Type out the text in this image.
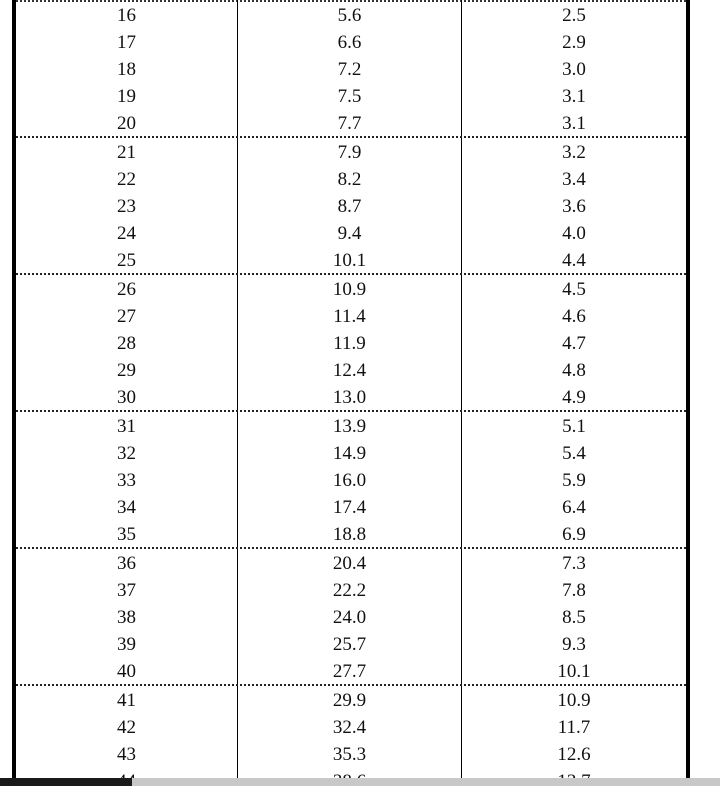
16	5.6	2.5
17	6.6	2.9
18	7.2	3.0
19	7.5	3.1
20	7.7	3.1
21	7.9	3.2
22	8.2	3.4
23	8.7	3.6
24	9.4	4.0
25	10.1	4.4
26	10.9	4.5
27	11.4	4.6
28	11.9	4.7
29	12.4	4.8
30	13.0	4.9
31	13.9	5.1
32	14.9	5.4
33	16.0	5.9
34	17.4	6.4
35	18.8	6.9
36	20.4	7.3
37	22.2	7.8
38	24.0	8.5
39	25.7	9.3
40	27.7	10.1
41	29.9	10.9
42	32.4	11.7
43	35.3	12.6
